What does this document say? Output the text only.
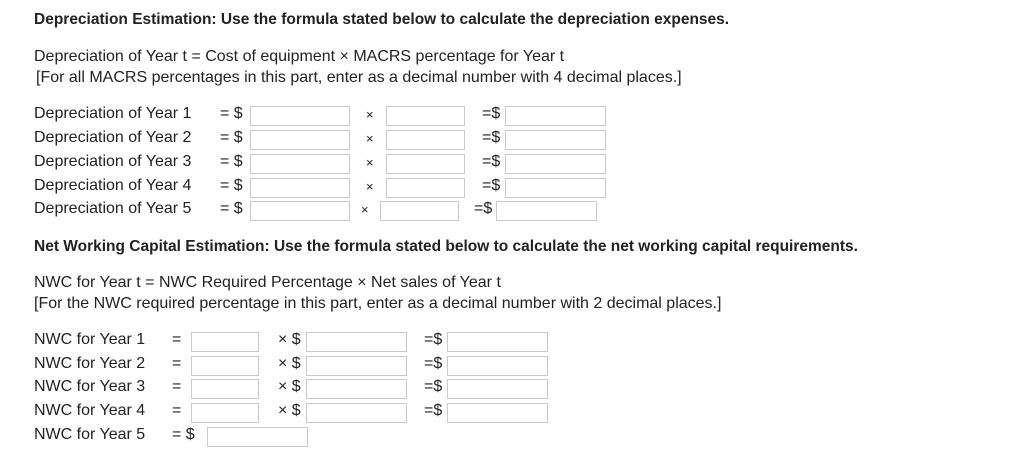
Depreciation Estimation: Use the formula stated below to calculate the depreciation expenses.
Depreciation of Year t = Cost of equipment × MACRS percentage for Year t
[For all MACRS percentages in this part, enter as a decimal number with 4 decimal places.]
Depreciation of Year 1 = $	×	=$
Depreciation of Year 2 = $	×	=$
Depreciation of Year 3 = $	×	=$
Depreciation of Year 4 = $	×	=$
Depreciation of Year 5 = $	×	=$
Net Working Capital Estimation: Use the formula stated below to calculate the net working capital requirements.
NWC for Year t = NWC Required Percentage × Net sales of Year t
[For the NWC required percentage in this part, enter as a decimal number with 2 decimal places.]
NWC for Year 1 =	× $	=$
NWC for Year 2 =	× $	=$
NWC for Year 3 =	× $	=$
NWC for Year 4 =	× $	=$
NWC for Year 5 = $
